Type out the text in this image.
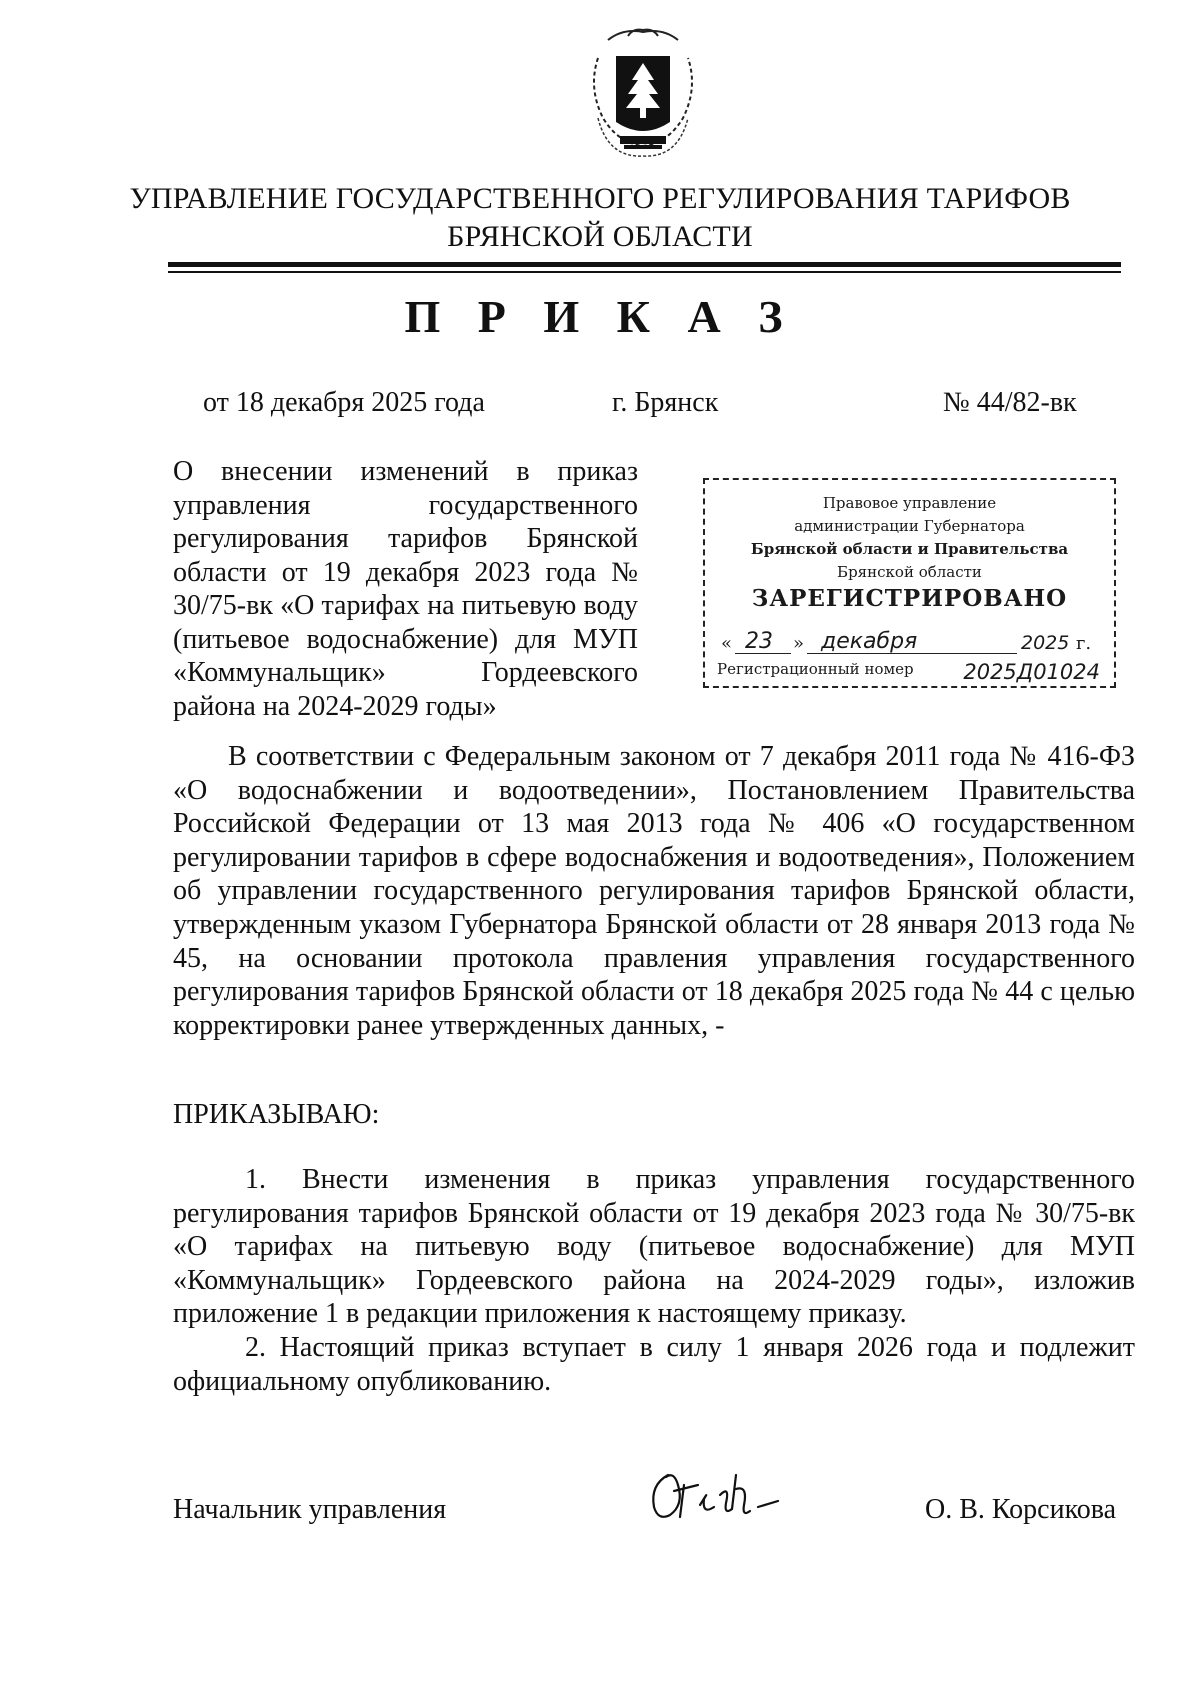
УПРАВЛЕНИЕ ГОСУДАРСТВЕННОГО РЕГУЛИРОВАНИЯ ТАРИФОВ
БРЯНСКОЙ ОБЛАСТИ
П Р И К А З
от 18 декабря 2025 года	г. Брянск	№ 44/82-вк
О внесении изменений в приказ управления государственного регулирования тарифов Брянской области от 19 декабря 2023 года № 30/75-вк «О тарифах на питьевую воду (питьевое водоснабжение) для МУП «Коммунальщик» Гордеевского района на 2024-2029 годы»
Правовое управление
администрации Губернатора
Брянской области и Правительства
Брянской области
ЗАРЕГИСТРИРОВАНО
« 23 » декабря	2025 г.
Регистрационный номер 2025Д01024
В соответствии с Федеральным законом от 7 декабря 2011 года № 416-ФЗ «О водоснабжении и водоотведении», Постановлением Правительства Российской Федерации от 13 мая 2013 года № 406 «О государственном регулировании тарифов в сфере водоснабжения и водоотведения», Положением об управлении государственного регулирования тарифов Брянской области, утвержденным указом Губернатора Брянской области от 28 января 2013 года № 45, на основании протокола правления управления государственного регулирования тарифов Брянской области от 18 декабря 2025 года № 44 с целью корректировки ранее утвержденных данных, -
ПРИКАЗЫВАЮ:
1. Внести изменения в приказ управления государственного регулирования тарифов Брянской области от 19 декабря 2023 года № 30/75-вк «О тарифах на питьевую воду (питьевое водоснабжение) для МУП «Коммунальщик» Гордеевского района на 2024-2029 годы», изложив приложение 1 в редакции приложения к настоящему приказу.
2. Настоящий приказ вступает в силу 1 января 2026 года и подлежит официальному опубликованию.
Начальник управления	О. В. Корсикова
